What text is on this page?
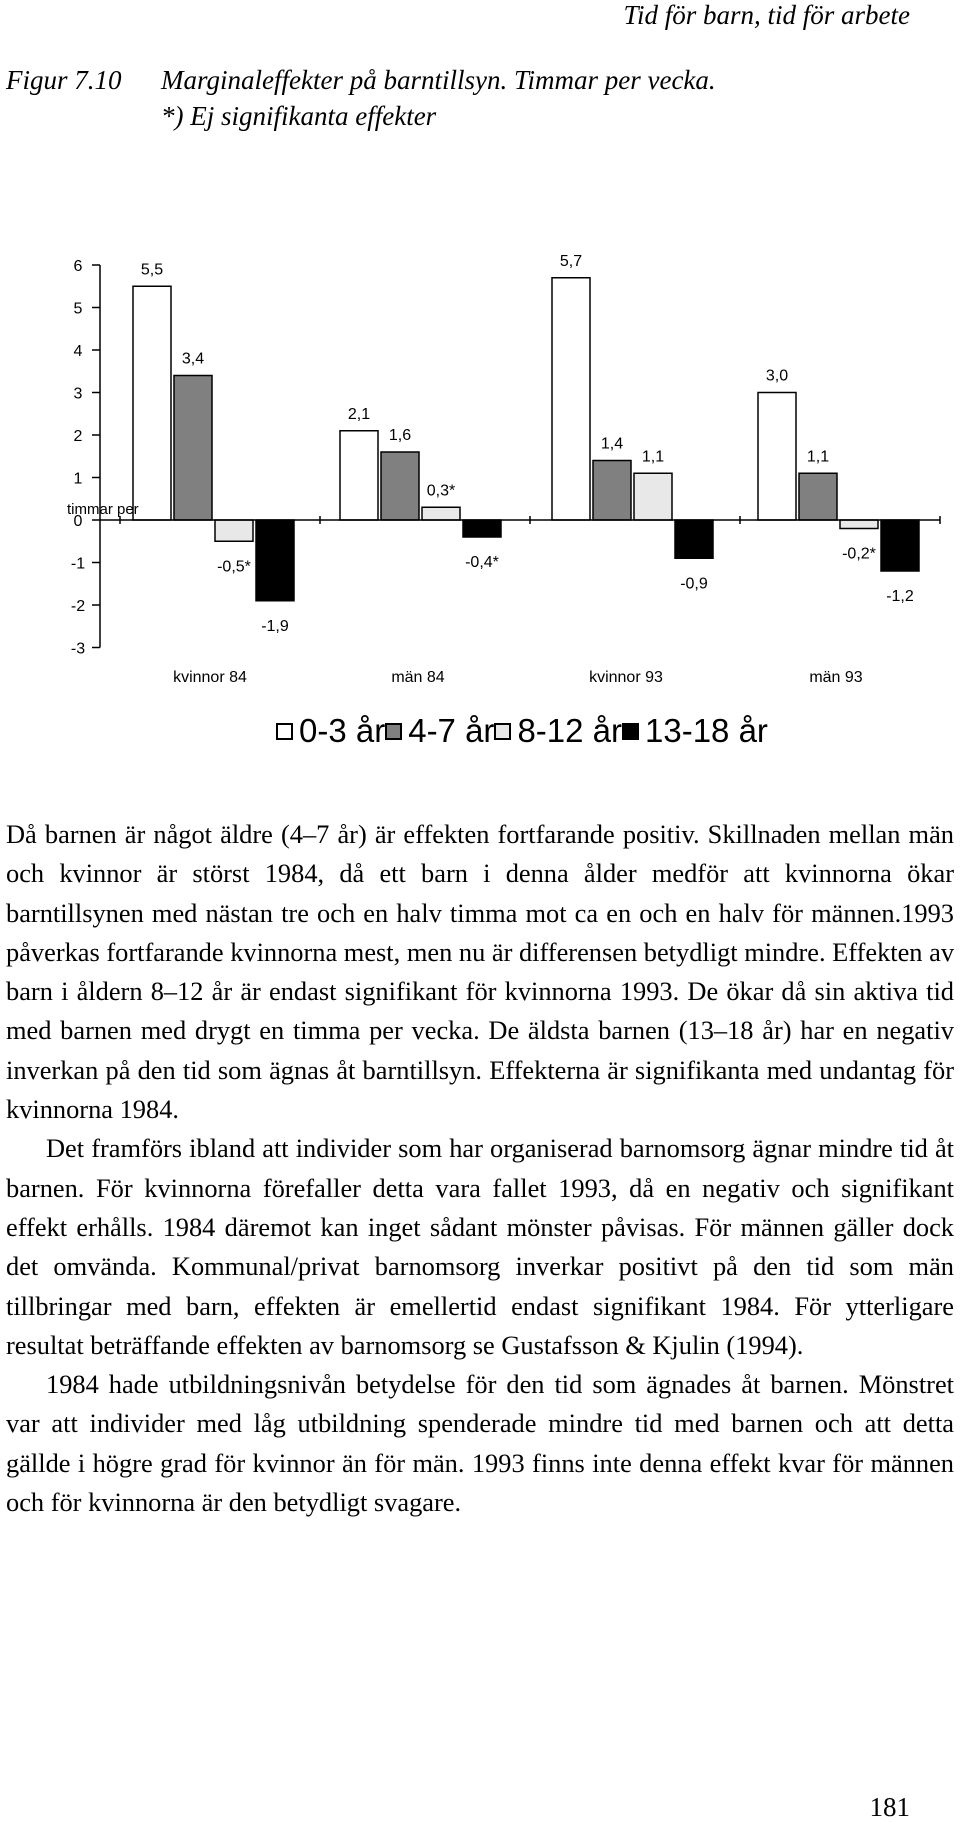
Tid för barn, tid för arbete
Figur 7.10 Marginaleffekter på barntillsyn. Timmar per vecka.
*) Ej signifikanta effekter
-3
-2
-1
0
1
2
3
4
5
6	5,5
3,4
-0,5*
-1,9
2,1
1,6
0,3*
-0,4*
5,7
1,4
1,1
-0,9
3,0
1,1
-0,2*
-1,2
kvinnor 84	män 84	kvinnor 93	män 93
timmar per
0-3 år 4-7 år 8-12 år 13-18 år

Då barnen är något äldre (4–7 år) är effekten fortfarande positiv. Skillnaden mellan män och kvinnor är störst 1984, då ett barn i denna ålder medför att kvinnorna ökar barntillsynen med nästan tre och en halv timma mot ca en och en halv för männen.1993 påverkas fortfarande kvinnorna mest, men nu är differensen betydligt mindre. Effekten av barn i åldern 8–12 år är endast signifikant för kvinnorna 1993. De ökar då sin aktiva tid med barnen med drygt en timma per vecka. De äldsta barnen (13–18 år) har en negativ inverkan på den tid som ägnas åt barntillsyn. Effekterna är signifikanta med undantag för kvinnorna 1984.

Det framförs ibland att individer som har organiserad barnomsorg ägnar mindre tid åt barnen. För kvinnorna förefaller detta vara fallet 1993, då en negativ och signifikant effekt erhålls. 1984 däremot kan inget sådant mönster påvisas. För männen gäller dock det omvända. Kommunal/privat barnomsorg inverkar positivt på den tid som män tillbringar med barn, effekten är emellertid endast signifikant 1984. För ytterligare resultat beträffande effekten av barnomsorg se Gustafsson & Kjulin (1994).

1984 hade utbildningsnivån betydelse för den tid som ägnades åt barnen. Mönstret var att individer med låg utbildning spenderade mindre tid med barnen och att detta gällde i högre grad för kvinnor än för män. 1993 finns inte denna effekt kvar för männen och för kvinnorna är den betydligt svagare.

181
